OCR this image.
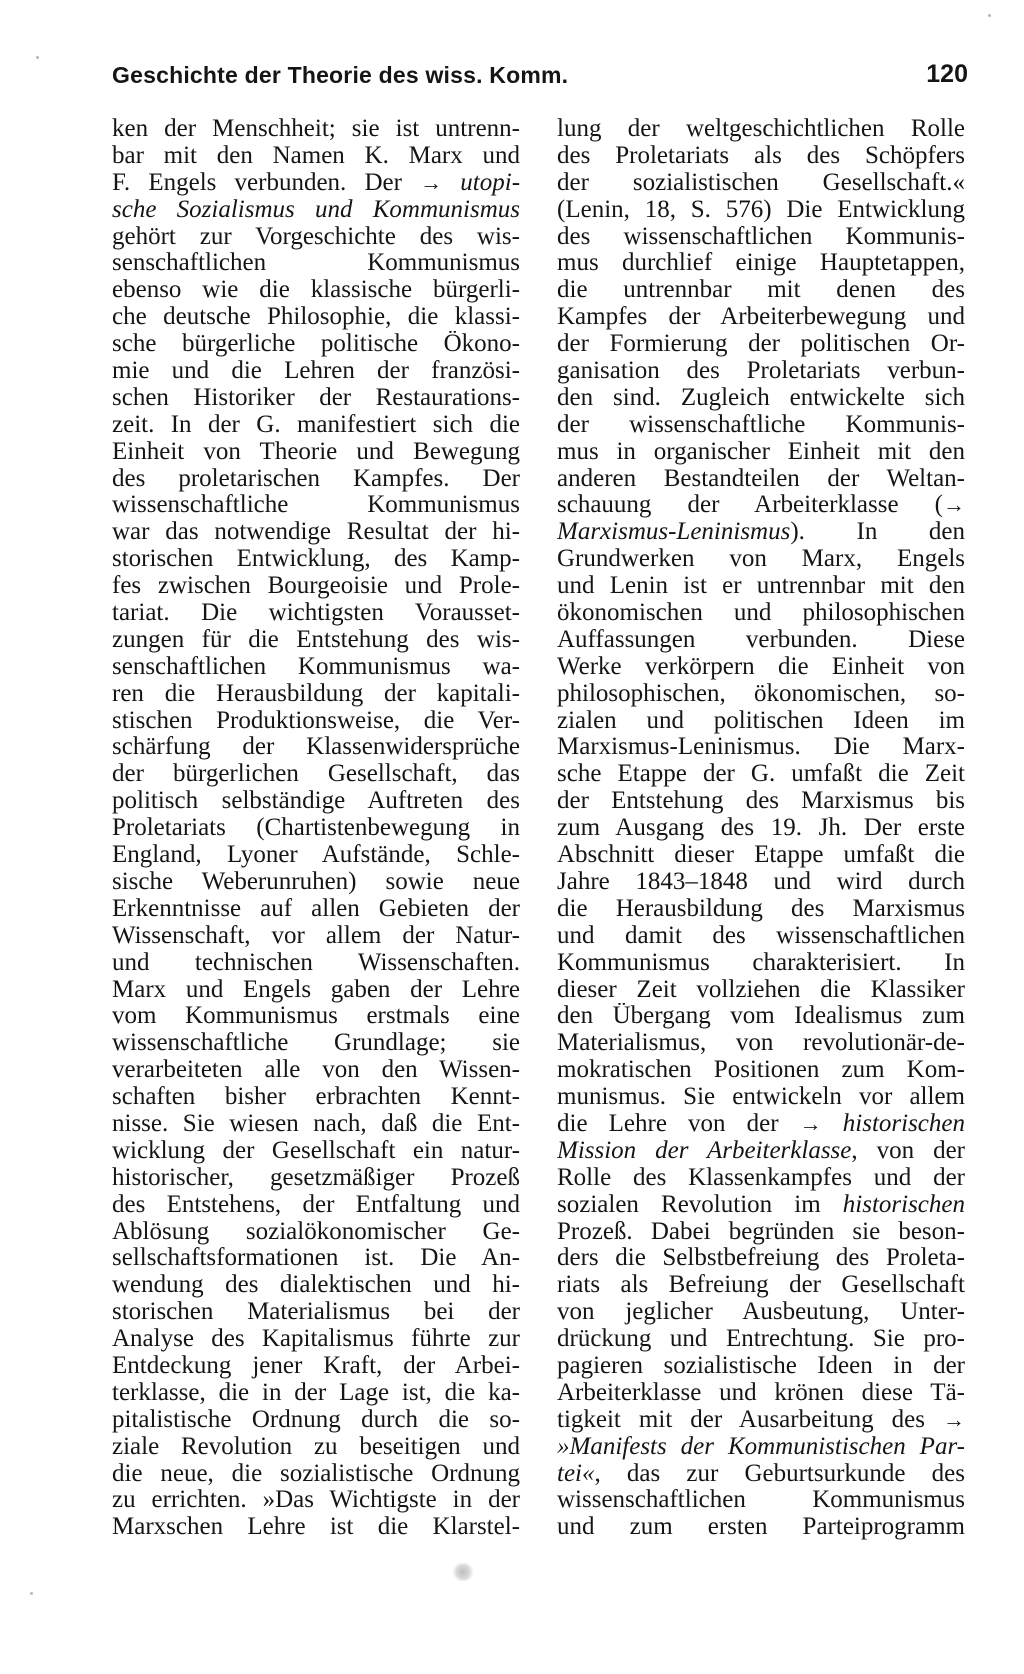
Geschichte der Theorie des wiss. Komm.	120
ken der Menschheit; sie ist untrenn-
bar mit den Namen K. Marx und
F. Engels verbunden. Der → utopi-
sche Sozialismus und Kommunismus
gehört zur Vorgeschichte des wis-
senschaftlichen Kommunismus
ebenso wie die klassische bürgerli-
che deutsche Philosophie, die klassi-
sche bürgerliche politische Ökono-
mie und die Lehren der französi-
schen Historiker der Restaurations-
zeit. In der G. manifestiert sich die
Einheit von Theorie und Bewegung
des proletarischen Kampfes. Der
wissenschaftliche Kommunismus
war das notwendige Resultat der hi-
storischen Entwicklung, des Kamp-
fes zwischen Bourgeoisie und Prole-
tariat. Die wichtigsten Vorausset-
zungen für die Entstehung des wis-
senschaftlichen Kommunismus wa-
ren die Herausbildung der kapitali-
stischen Produktionsweise, die Ver-
schärfung der Klassenwidersprüche
der bürgerlichen Gesellschaft, das
politisch selbständige Auftreten des
Proletariats (Chartistenbewegung in
England, Lyoner Aufstände, Schle-
sische Weberunruhen) sowie neue
Erkenntnisse auf allen Gebieten der
Wissenschaft, vor allem der Natur-
und technischen Wissenschaften.
Marx und Engels gaben der Lehre
vom Kommunismus erstmals eine
wissenschaftliche Grundlage; sie
verarbeiteten alle von den Wissen-
schaften bisher erbrachten Kennt-
nisse. Sie wiesen nach, daß die Ent-
wicklung der Gesellschaft ein natur-
historischer, gesetzmäßiger Prozeß
des Entstehens, der Entfaltung und
Ablösung sozialökonomischer Ge-
sellschaftsformationen ist. Die An-
wendung des dialektischen und hi-
storischen Materialismus bei der
Analyse des Kapitalismus führte zur
Entdeckung jener Kraft, der Arbei-
terklasse, die in der Lage ist, die ka-
pitalistische Ordnung durch die so-
ziale Revolution zu beseitigen und
die neue, die sozialistische Ordnung
zu errichten. »Das Wichtigste in der
Marxschen Lehre ist die Klarstel-
lung der weltgeschichtlichen Rolle
des Proletariats als des Schöpfers
der sozialistischen Gesellschaft.«
(Lenin, 18, S. 576) Die Entwicklung
des wissenschaftlichen Kommunis-
mus durchlief einige Hauptetappen,
die untrennbar mit denen des
Kampfes der Arbeiterbewegung und
der Formierung der politischen Or-
ganisation des Proletariats verbun-
den sind. Zugleich entwickelte sich
der wissenschaftliche Kommunis-
mus in organischer Einheit mit den
anderen Bestandteilen der Weltan-
schauung der Arbeiterklasse (→
Marxismus-Leninismus). In den
Grundwerken von Marx, Engels
und Lenin ist er untrennbar mit den
ökonomischen und philosophischen
Auffassungen verbunden. Diese
Werke verkörpern die Einheit von
philosophischen, ökonomischen, so-
zialen und politischen Ideen im
Marxismus-Leninismus. Die Marx-
sche Etappe der G. umfaßt die Zeit
der Entstehung des Marxismus bis
zum Ausgang des 19. Jh. Der erste
Abschnitt dieser Etappe umfaßt die
Jahre 1843–1848 und wird durch
die Herausbildung des Marxismus
und damit des wissenschaftlichen
Kommunismus charakterisiert. In
dieser Zeit vollziehen die Klassiker
den Übergang vom Idealismus zum
Materialismus, von revolutionär-de-
mokratischen Positionen zum Kom-
munismus. Sie entwickeln vor allem
die Lehre von der → historischen
Mission der Arbeiterklasse, von der
Rolle des Klassenkampfes und der
sozialen Revolution im historischen
Prozeß. Dabei begründen sie beson-
ders die Selbstbefreiung des Proleta-
riats als Befreiung der Gesellschaft
von jeglicher Ausbeutung, Unter-
drückung und Entrechtung. Sie pro-
pagieren sozialistische Ideen in der
Arbeiterklasse und krönen diese Tä-
tigkeit mit der Ausarbeitung des →
»Manifests der Kommunistischen Par-
tei«, das zur Geburtsurkunde des
wissenschaftlichen Kommunismus
und zum ersten Parteiprogramm
